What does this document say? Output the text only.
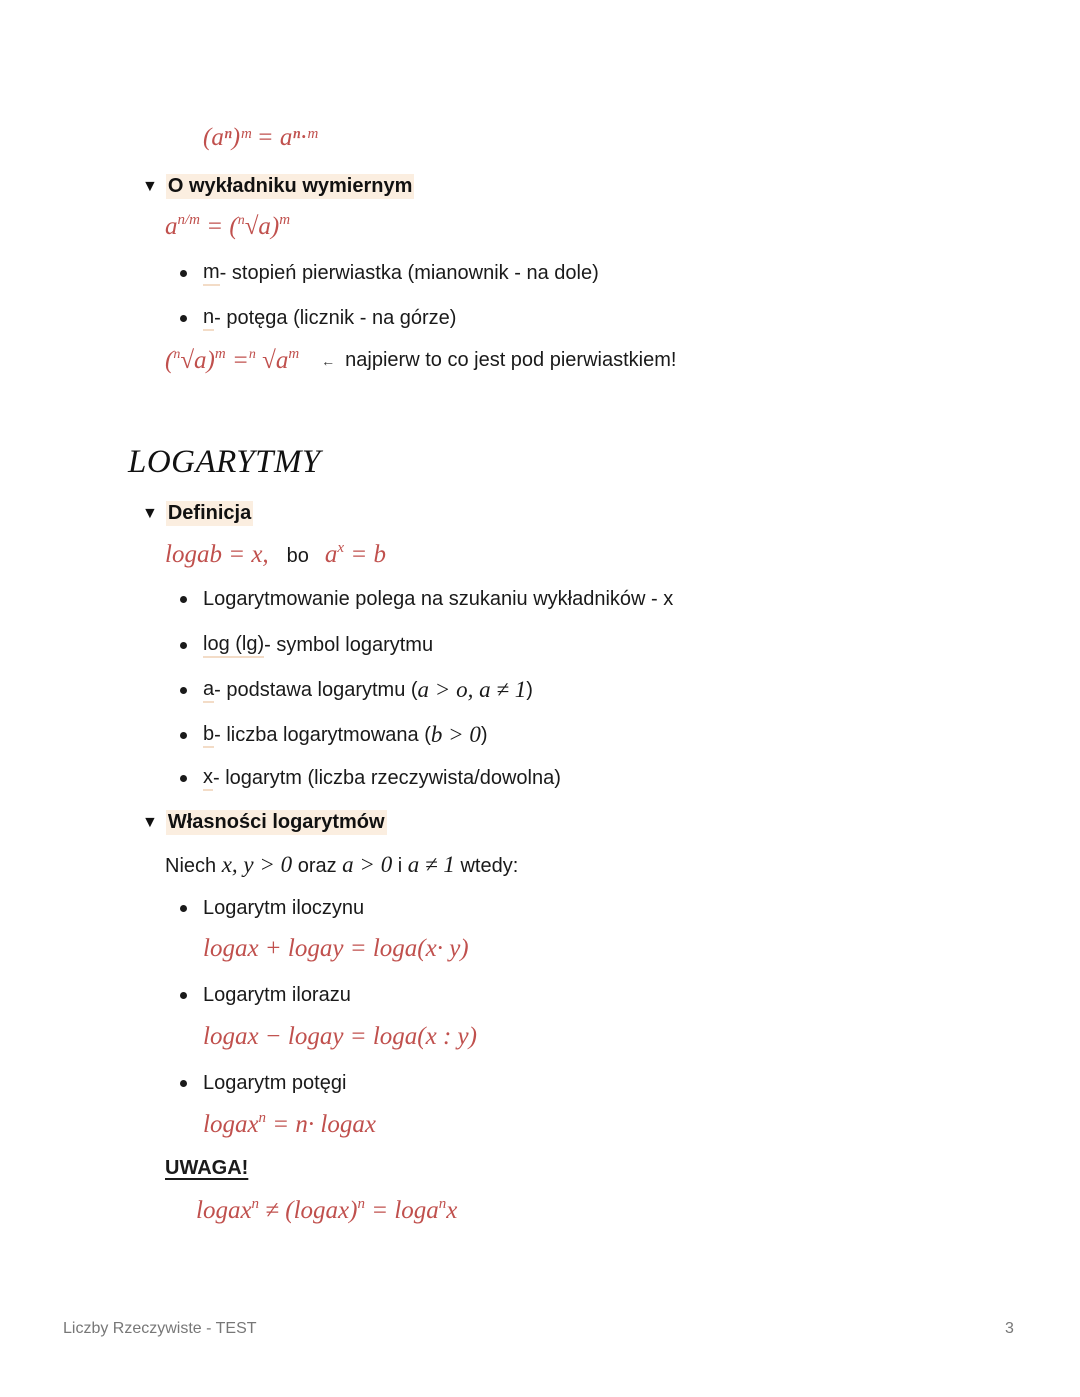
(aⁿ)ᵐ = aⁿ·ᵐ
▼ O wykładniku wymiernym
$a^{n/m} = (^n√a)^m$
m - stopień pierwiastka (mianownik - na dole)
n - potęga (licznik - na górze)
$(^n√a)^m =^n$ $√a^m$ ← najpierw to co jest pod pierwiastkiem!
LOGARYTMY
▼ Definicja
logab = x, bo $a^x = b$
Logarytmowanie polega na szukaniu wykładników - x
log (lg) - symbol logarytmu
a - podstawa logarytmu ( a > o, a ≠ 1 )
b - liczba logarytmowana ( b > 0 )
x - logarytm (liczba rzeczywista/dowolna)
▼ Własności logarytmów
Niech x, y > 0 oraz a > 0 i a ≠ 1 wtedy:
Logarytm iloczynu
logax + logay = loga(x· y)
Logarytm ilorazu
logax − logay = loga(x : y)
Logarytm potęgi
logax$^n$ = n· logax
UWAGA!
logax$^n$ ≠ (logax)$^n$ = loga$^n$x
Liczby Rzeczywiste - TEST	3
